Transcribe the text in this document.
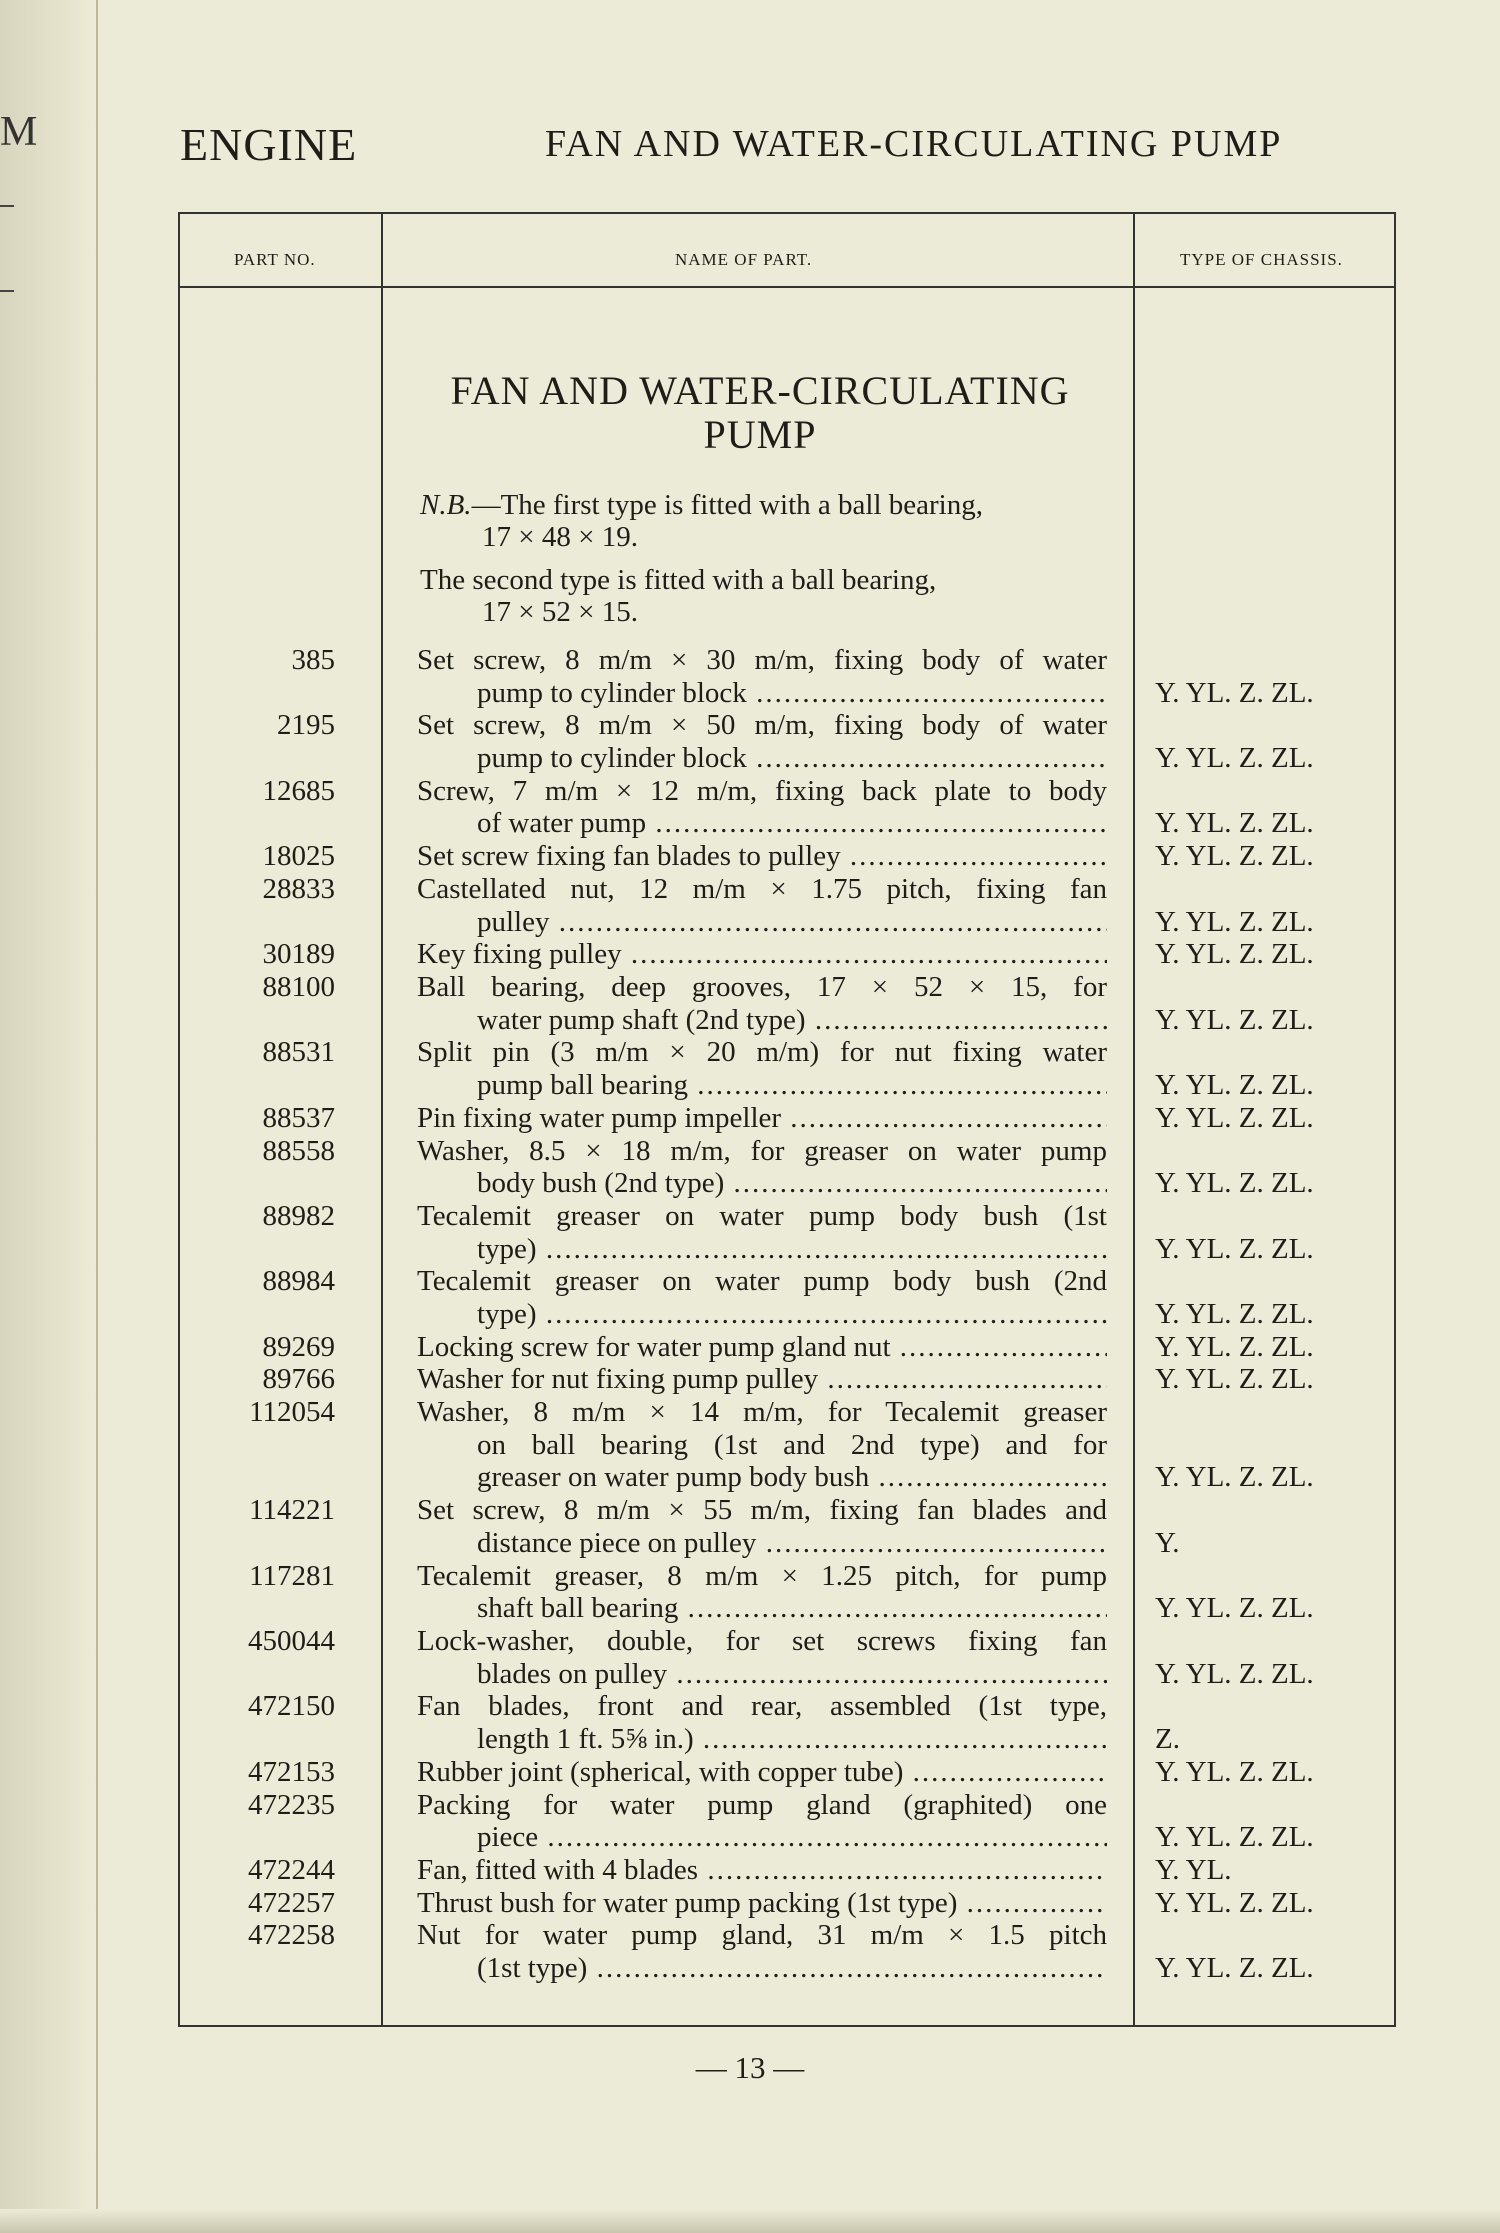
M	ENGINE	FAN AND WATER-CIRCULATING PUMP
PART NO.	NAME OF PART.	TYPE OF CHASSIS.
FAN AND WATER-CIRCULATING
PUMP
N.B.—The first type is fitted with a ball bearing,
17 × 48 × 19.
The second type is fitted with a ball bearing,
17 × 52 × 15.
385	Set screw, 8 m/m × 30 m/m, fixing body of water
pump to cylinder block .....	Y. YL. Z. ZL.
2195	Set screw, 8 m/m × 50 m/m, fixing body of water
pump to cylinder block .....	Y. YL. Z. ZL.
12685	Screw, 7 m/m × 12 m/m, fixing back plate to body
of water pump .....	Y. YL. Z. ZL.
18025	Set screw fixing fan blades to pulley .....	Y. YL. Z. ZL.
28833	Castellated nut, 12 m/m × 1.75 pitch, fixing fan
pulley .....	Y. YL. Z. ZL.
30189	Key fixing pulley .....	Y. YL. Z. ZL.
88100	Ball bearing, deep grooves, 17 × 52 × 15, for
water pump shaft (2nd type) .....	Y. YL. Z. ZL.
88531	Split pin (3 m/m × 20 m/m) for nut fixing water
pump ball bearing .....	Y. YL. Z. ZL.
88537	Pin fixing water pump impeller .....	Y. YL. Z. ZL.
88558	Washer, 8.5 × 18 m/m, for greaser on water pump
body bush (2nd type) .....	Y. YL. Z. ZL.
88982	Tecalemit greaser on water pump body bush (1st
type) .....	Y. YL. Z. ZL.
88984	Tecalemit greaser on water pump body bush (2nd
type) .....	Y. YL. Z. ZL.
89269	Locking screw for water pump gland nut .....	Y. YL. Z. ZL.
89766	Washer for nut fixing pump pulley .....	Y. YL. Z. ZL.
112054	Washer, 8 m/m × 14 m/m, for Tecalemit greaser
on ball bearing (1st and 2nd type) and for
greaser on water pump body bush .....	Y. YL. Z. ZL.
114221	Set screw, 8 m/m × 55 m/m, fixing fan blades and
distance piece on pulley .....	Y.
117281	Tecalemit greaser, 8 m/m × 1.25 pitch, for pump
shaft ball bearing .....	Y. YL. Z. ZL.
450044	Lock-washer, double, for set screws fixing fan
blades on pulley .....	Y. YL. Z. ZL.
472150	Fan blades, front and rear, assembled (1st type,
length 1 ft. 5⅝ in.) .....	Z.
472153	Rubber joint (spherical, with copper tube) .....	Y. YL. Z. ZL.
472235	Packing for water pump gland (graphited) one
piece .....	Y. YL. Z. ZL.
472244	Fan, fitted with 4 blades .....	Y. YL.
472257	Thrust bush for water pump packing (1st type) .....	Y. YL. Z. ZL.
472258	Nut for water pump gland, 31 m/m × 1.5 pitch
(1st type) .....	Y. YL. Z. ZL.
— 13 —
